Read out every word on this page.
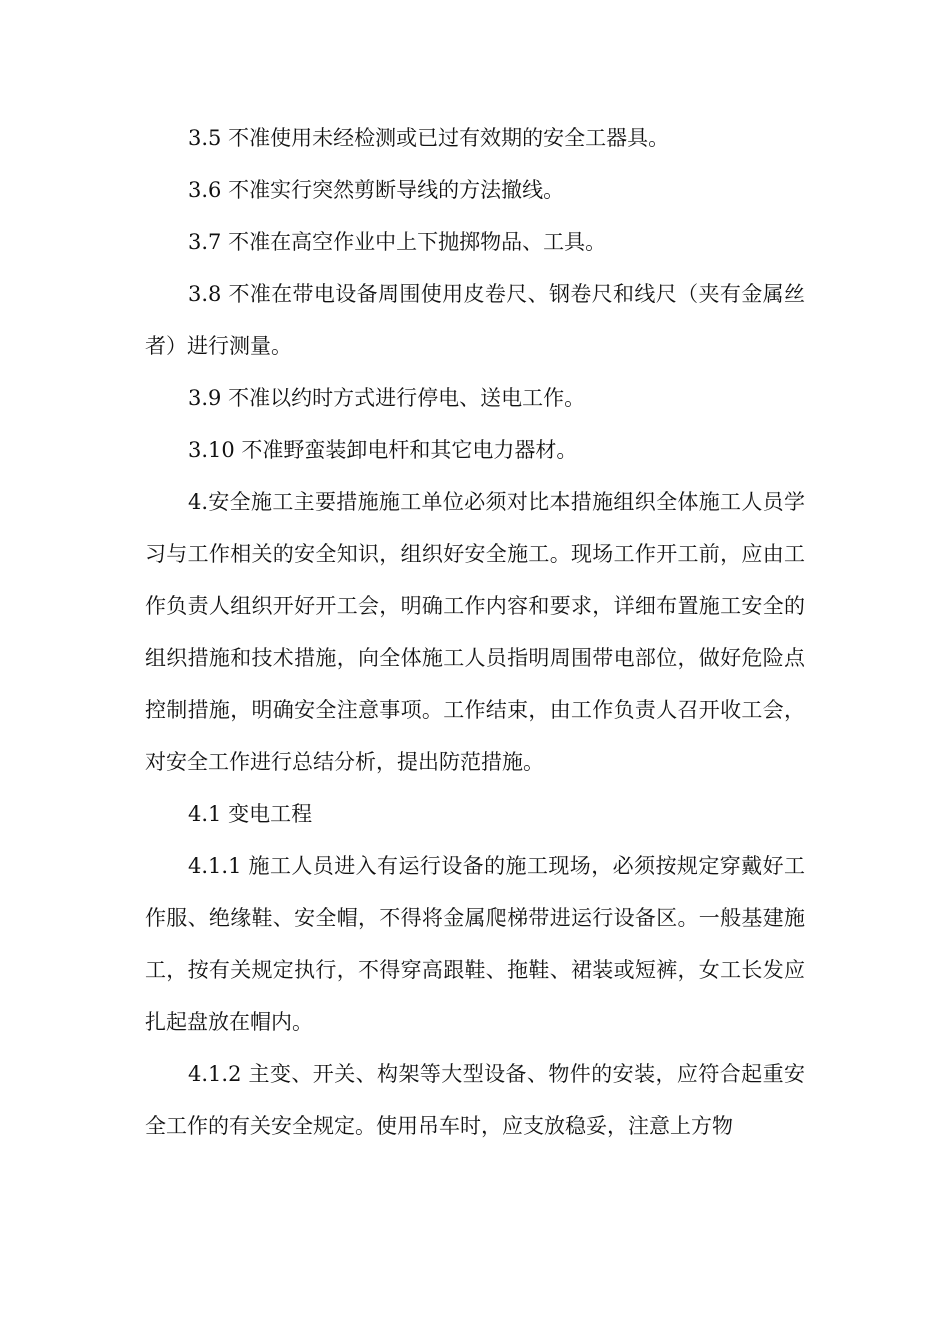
3.5 不准使用未经检测或已过有效期的安全工器具。

3.6 不准实行突然剪断导线的方法撤线。

3.7 不准在高空作业中上下抛掷物品、工具。

3.8 不准在带电设备周围使用皮卷尺、钢卷尺和线尺（夹有金属丝者）进行测量。

3.9 不准以约时方式进行停电、送电工作。

3.10 不准野蛮装卸电杆和其它电力器材。

4.安全施工主要措施施工单位必须对比本措施组织全体施工人员学习与工作相关的安全知识，组织好安全施工。现场工作开工前，应由工作负责人组织开好开工会，明确工作内容和要求，详细布置施工安全的组织措施和技术措施，向全体施工人员指明周围带电部位，做好危险点控制措施，明确安全注意事项。工作结束，由工作负责人召开收工会，对安全工作进行总结分析，提出防范措施。

4.1 变电工程

4.1.1 施工人员进入有运行设备的施工现场，必须按规定穿戴好工作服、绝缘鞋、安全帽，不得将金属爬梯带进运行设备区。一般基建施工，按有关规定执行，不得穿高跟鞋、拖鞋、裙装或短裤，女工长发应扎起盘放在帽内。

4.1.2 主变、开关、构架等大型设备、物件的安装，应符合起重安全工作的有关安全规定。使用吊车时，应支放稳妥，注意上方物
